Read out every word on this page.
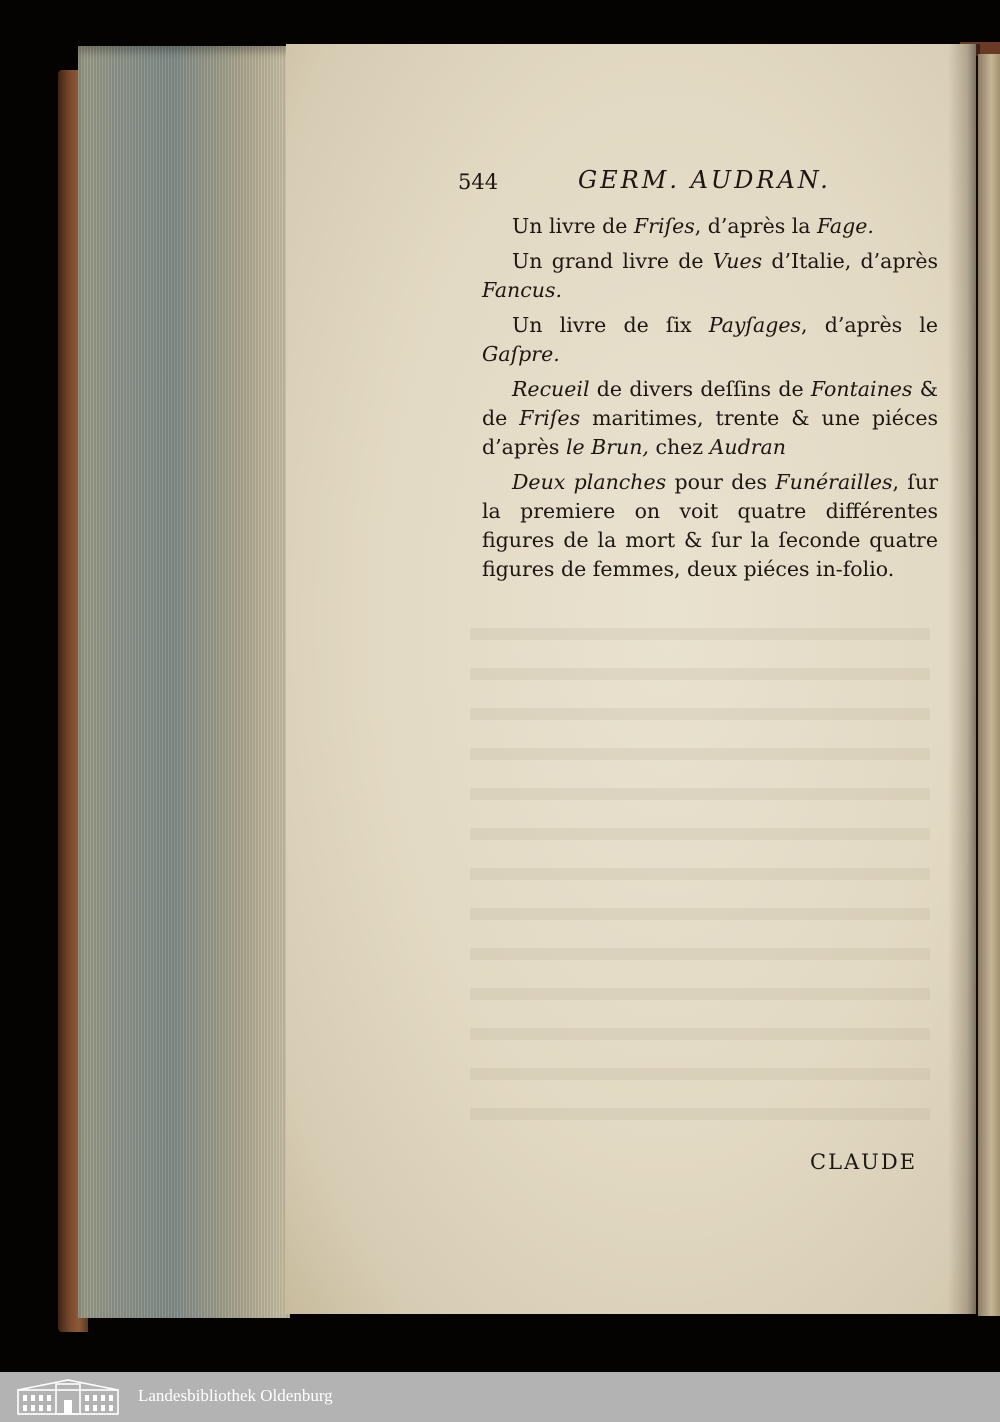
544	GERM. AUDRAN.

Un livre de Friſes, d’après la Fage.

Un grand livre de Vues d’Italie, d’après Fancus.

Un livre de ſix Payſages, d’après le Gaſpre.

Recueil de divers deſſins de Fontaines & de Friſes maritimes, trente & une piéces d’après le Brun, chez Audran

Deux planches pour des Funérailles, ſur la premiere on voit quatre différentes figures de la mort & ſur la ſeconde quatre figures de femmes, deux piéces in-folio.

CLAUDE
Landesbibliothek Oldenburg
